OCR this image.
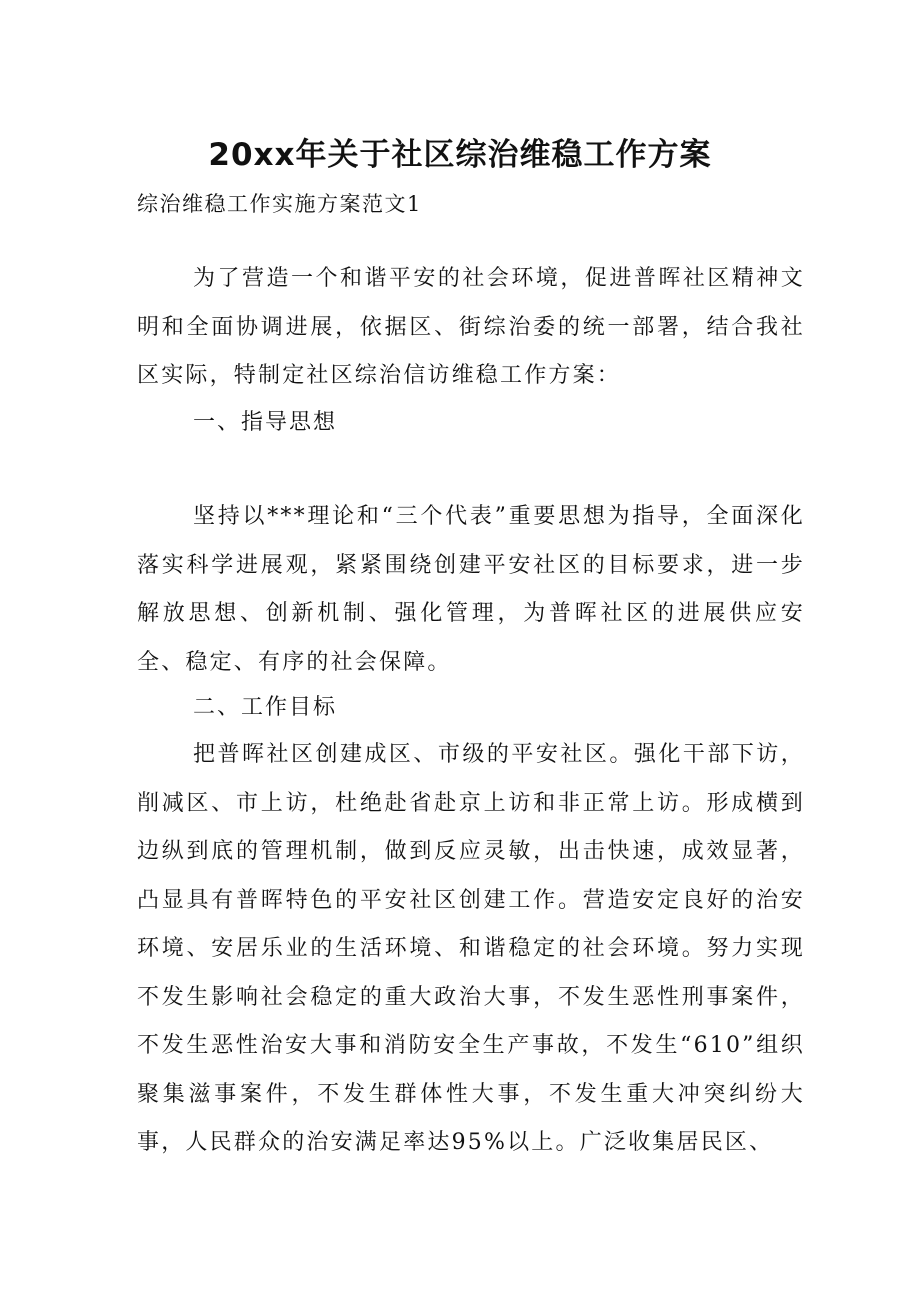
20xx年关于社区综治维稳工作方案

综治维稳工作实施方案范文1

为了营造一个和谐平安的社会环境，促进普晖社区精神文明和全面协调进展，依据区、街综治委的统一部署，结合我社区实际，特制定社区综治信访维稳工作方案：

一、指导思想

坚持以***理论和“三个代表”重要思想为指导，全面深化落实科学进展观，紧紧围绕创建平安社区的目标要求，进一步解放思想、创新机制、强化管理，为普晖社区的进展供应安全、稳定、有序的社会保障。

二、工作目标

把普晖社区创建成区、市级的平安社区。强化干部下访，削减区、市上访，杜绝赴省赴京上访和非正常上访。形成横到边纵到底的管理机制，做到反应灵敏，出击快速，成效显著，凸显具有普晖特色的平安社区创建工作。营造安定良好的治安环境、安居乐业的生活环境、和谐稳定的社会环境。努力实现不发生影响社会稳定的重大政治大事，不发生恶性刑事案件，不发生恶性治安大事和消防安全生产事故，不发生“610”组织聚集滋事案件，不发生群体性大事，不发生重大冲突纠纷大事，人民群众的治安满足率达95%以上。广泛收集居民区、
